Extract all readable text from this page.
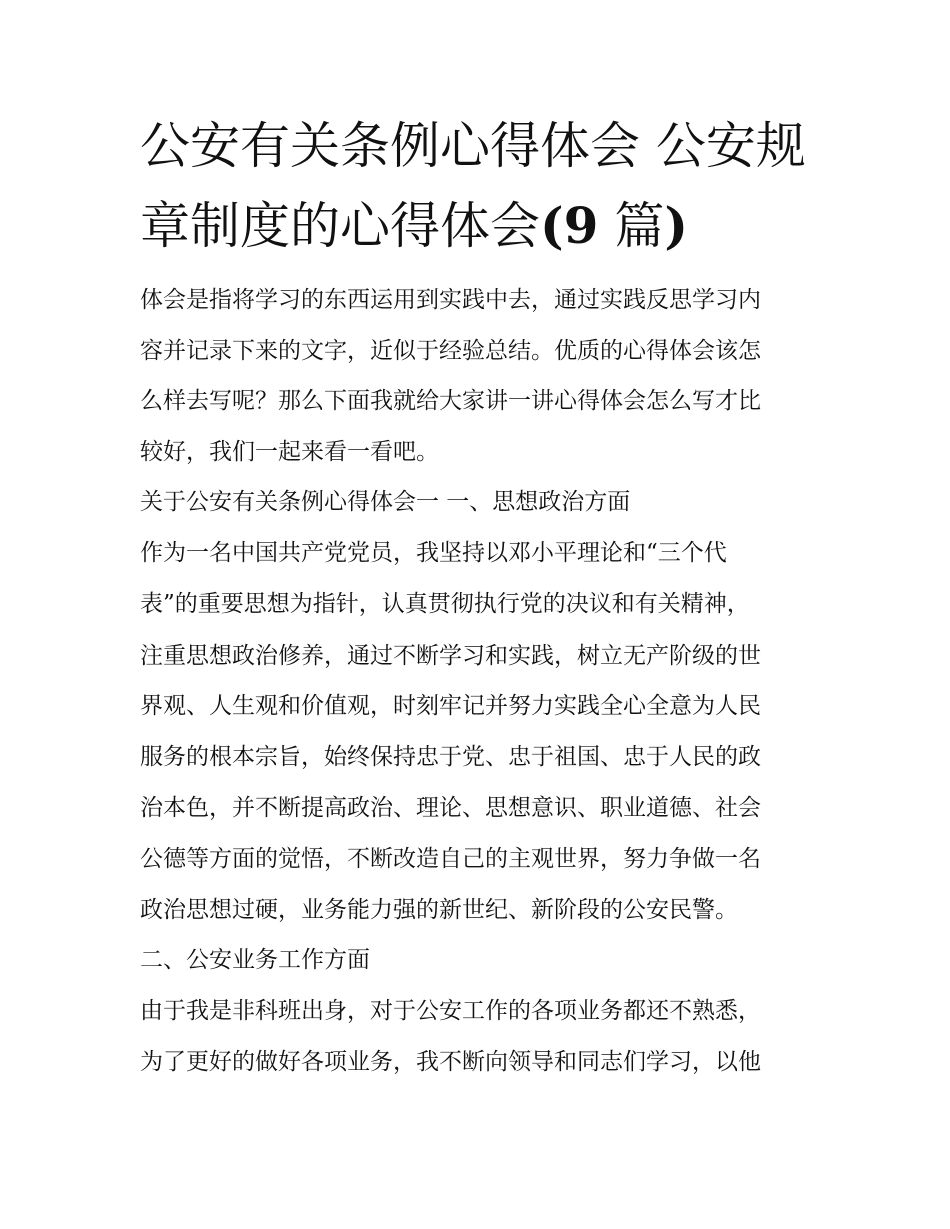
公安有关条例心得体会 公安规
章制度的心得体会(9 篇)

体会是指将学习的东西运用到实践中去，通过实践反思学习内

容并记录下来的文字，近似于经验总结。优质的心得体会该怎

么样去写呢？那么下面我就给大家讲一讲心得体会怎么写才比

较好，我们一起来看一看吧。

关于公安有关条例心得体会一 一、思想政治方面

作为一名中国共产党党员，我坚持以邓小平理论和“三个代

表”的重要思想为指针，认真贯彻执行党的决议和有关精神，

注重思想政治修养，通过不断学习和实践，树立无产阶级的世

界观、人生观和价值观，时刻牢记并努力实践全心全意为人民

服务的根本宗旨，始终保持忠于党、忠于祖国、忠于人民的政

治本色，并不断提高政治、理论、思想意识、职业道德、社会

公德等方面的觉悟，不断改造自己的主观世界，努力争做一名

政治思想过硬，业务能力强的新世纪、新阶段的公安民警。

二、公安业务工作方面

由于我是非科班出身，对于公安工作的各项业务都还不熟悉，

为了更好的做好各项业务，我不断向领导和同志们学习，以他
